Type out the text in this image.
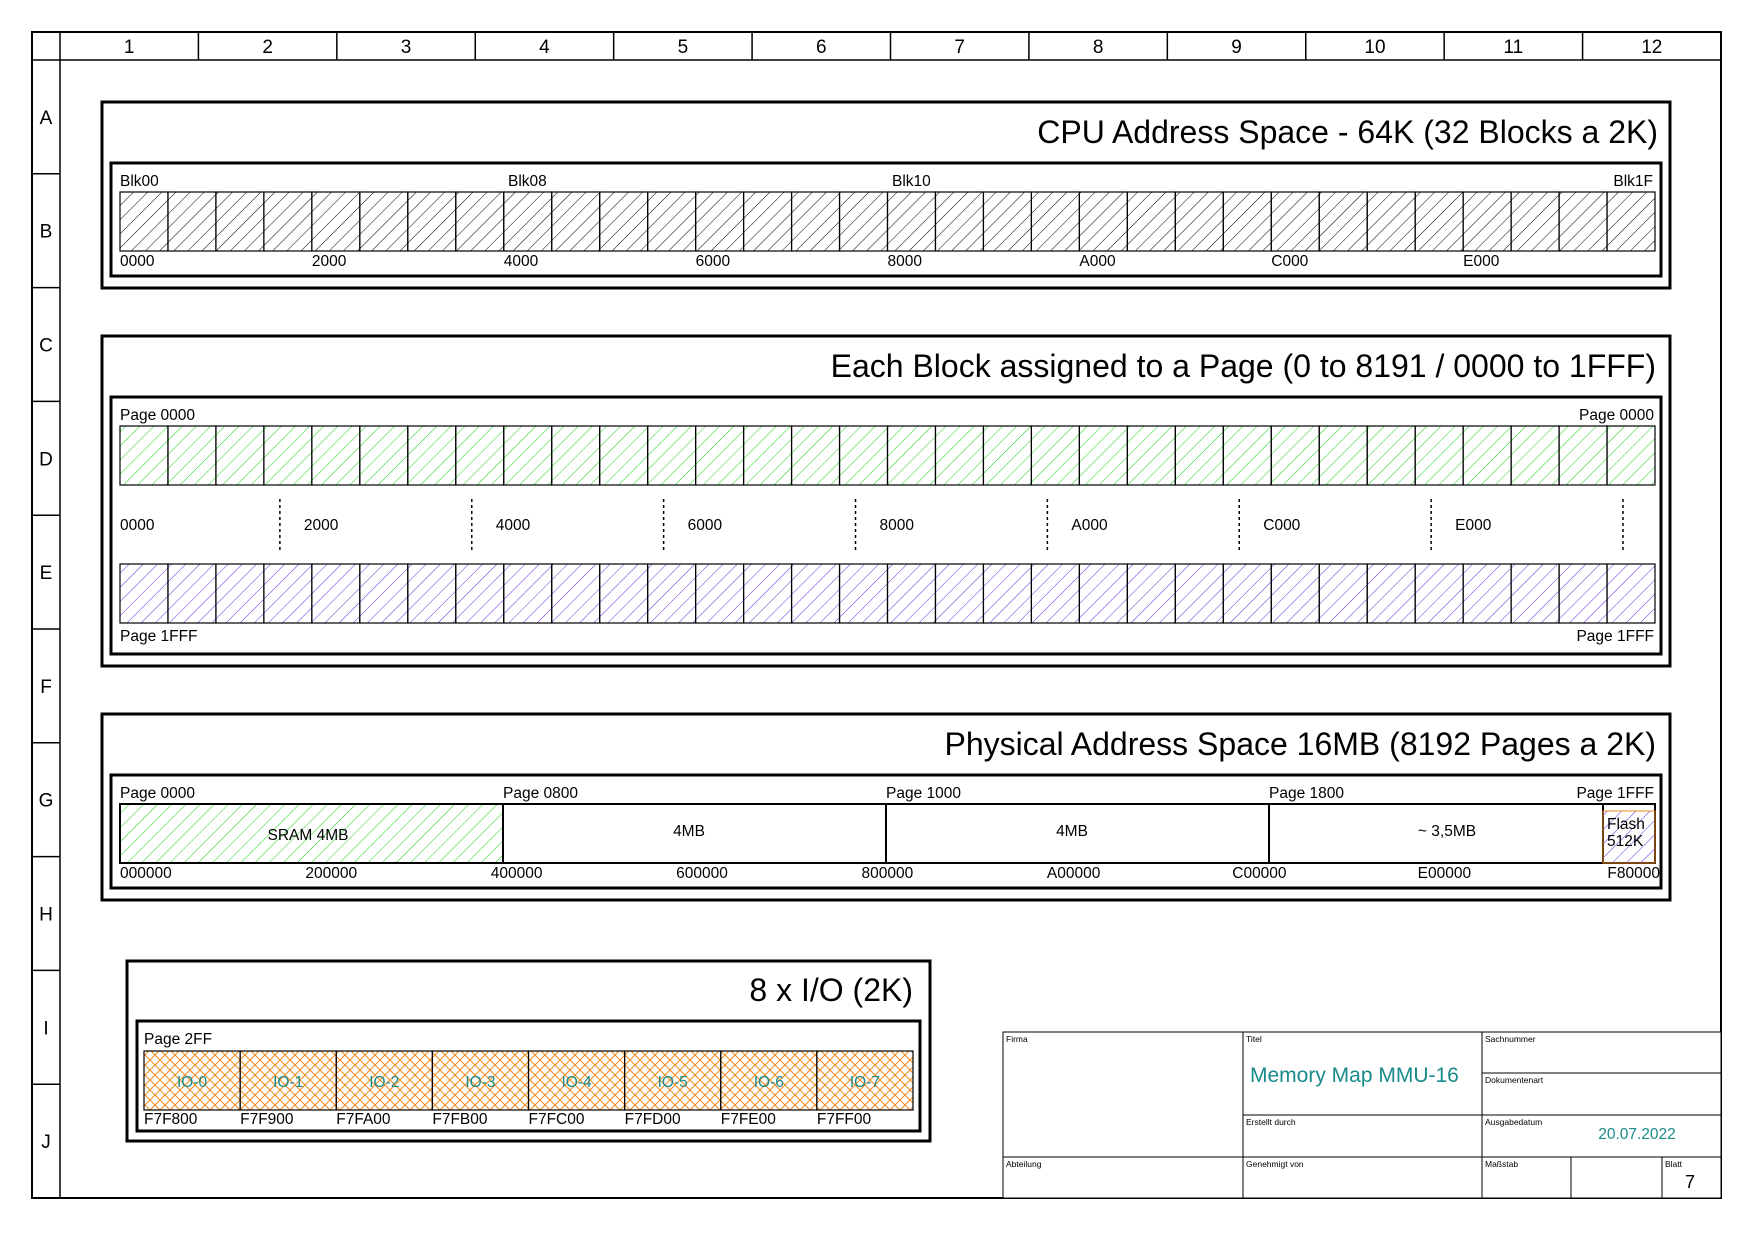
1	2	3	4	5	6	7	8	9	10	11	12
A
B
C
D
E
F
G
H
I
J
CPU Address Space - 64K (32 Blocks a 2K)
Blk00	Blk08	Blk10	Blk1F
0000	2000	4000	6000	8000	A000	C000	E000
Each Block assigned to a Page (0 to 8191 / 0000 to 1FFF)
Page 0000	Page 0000
0000	2000	4000	6000	8000	A000	C000	E000
Page 1FFF	Page 1FFF
Physical Address Space 16MB (8192 Pages a 2K)
Page 0000	Page 0800	Page 1000	Page 1800	Page 1FFF
SRAM 4MB	4MB	4MB	~ 3,5MB	Flash
512K
000000	200000	400000	600000	800000	A00000	C00000	E00000	F80000
8 x I/O (2K)
Page 2FF
IO-0	IO-1	IO-2	IO-3	IO-4	IO-5	IO-6	IO-7
F7F800	F7F900	F7FA00	F7FB00	F7FC00	F7FD00	F7FE00	F7FF00
Firma	Titel
Memory Map MMU-16
Sachnummer
Dokumentenart
Erstellt durch	Ausgabedatum
20.07.2022
Abteilung	Genehmigt von	Maßstab	Blatt
7
